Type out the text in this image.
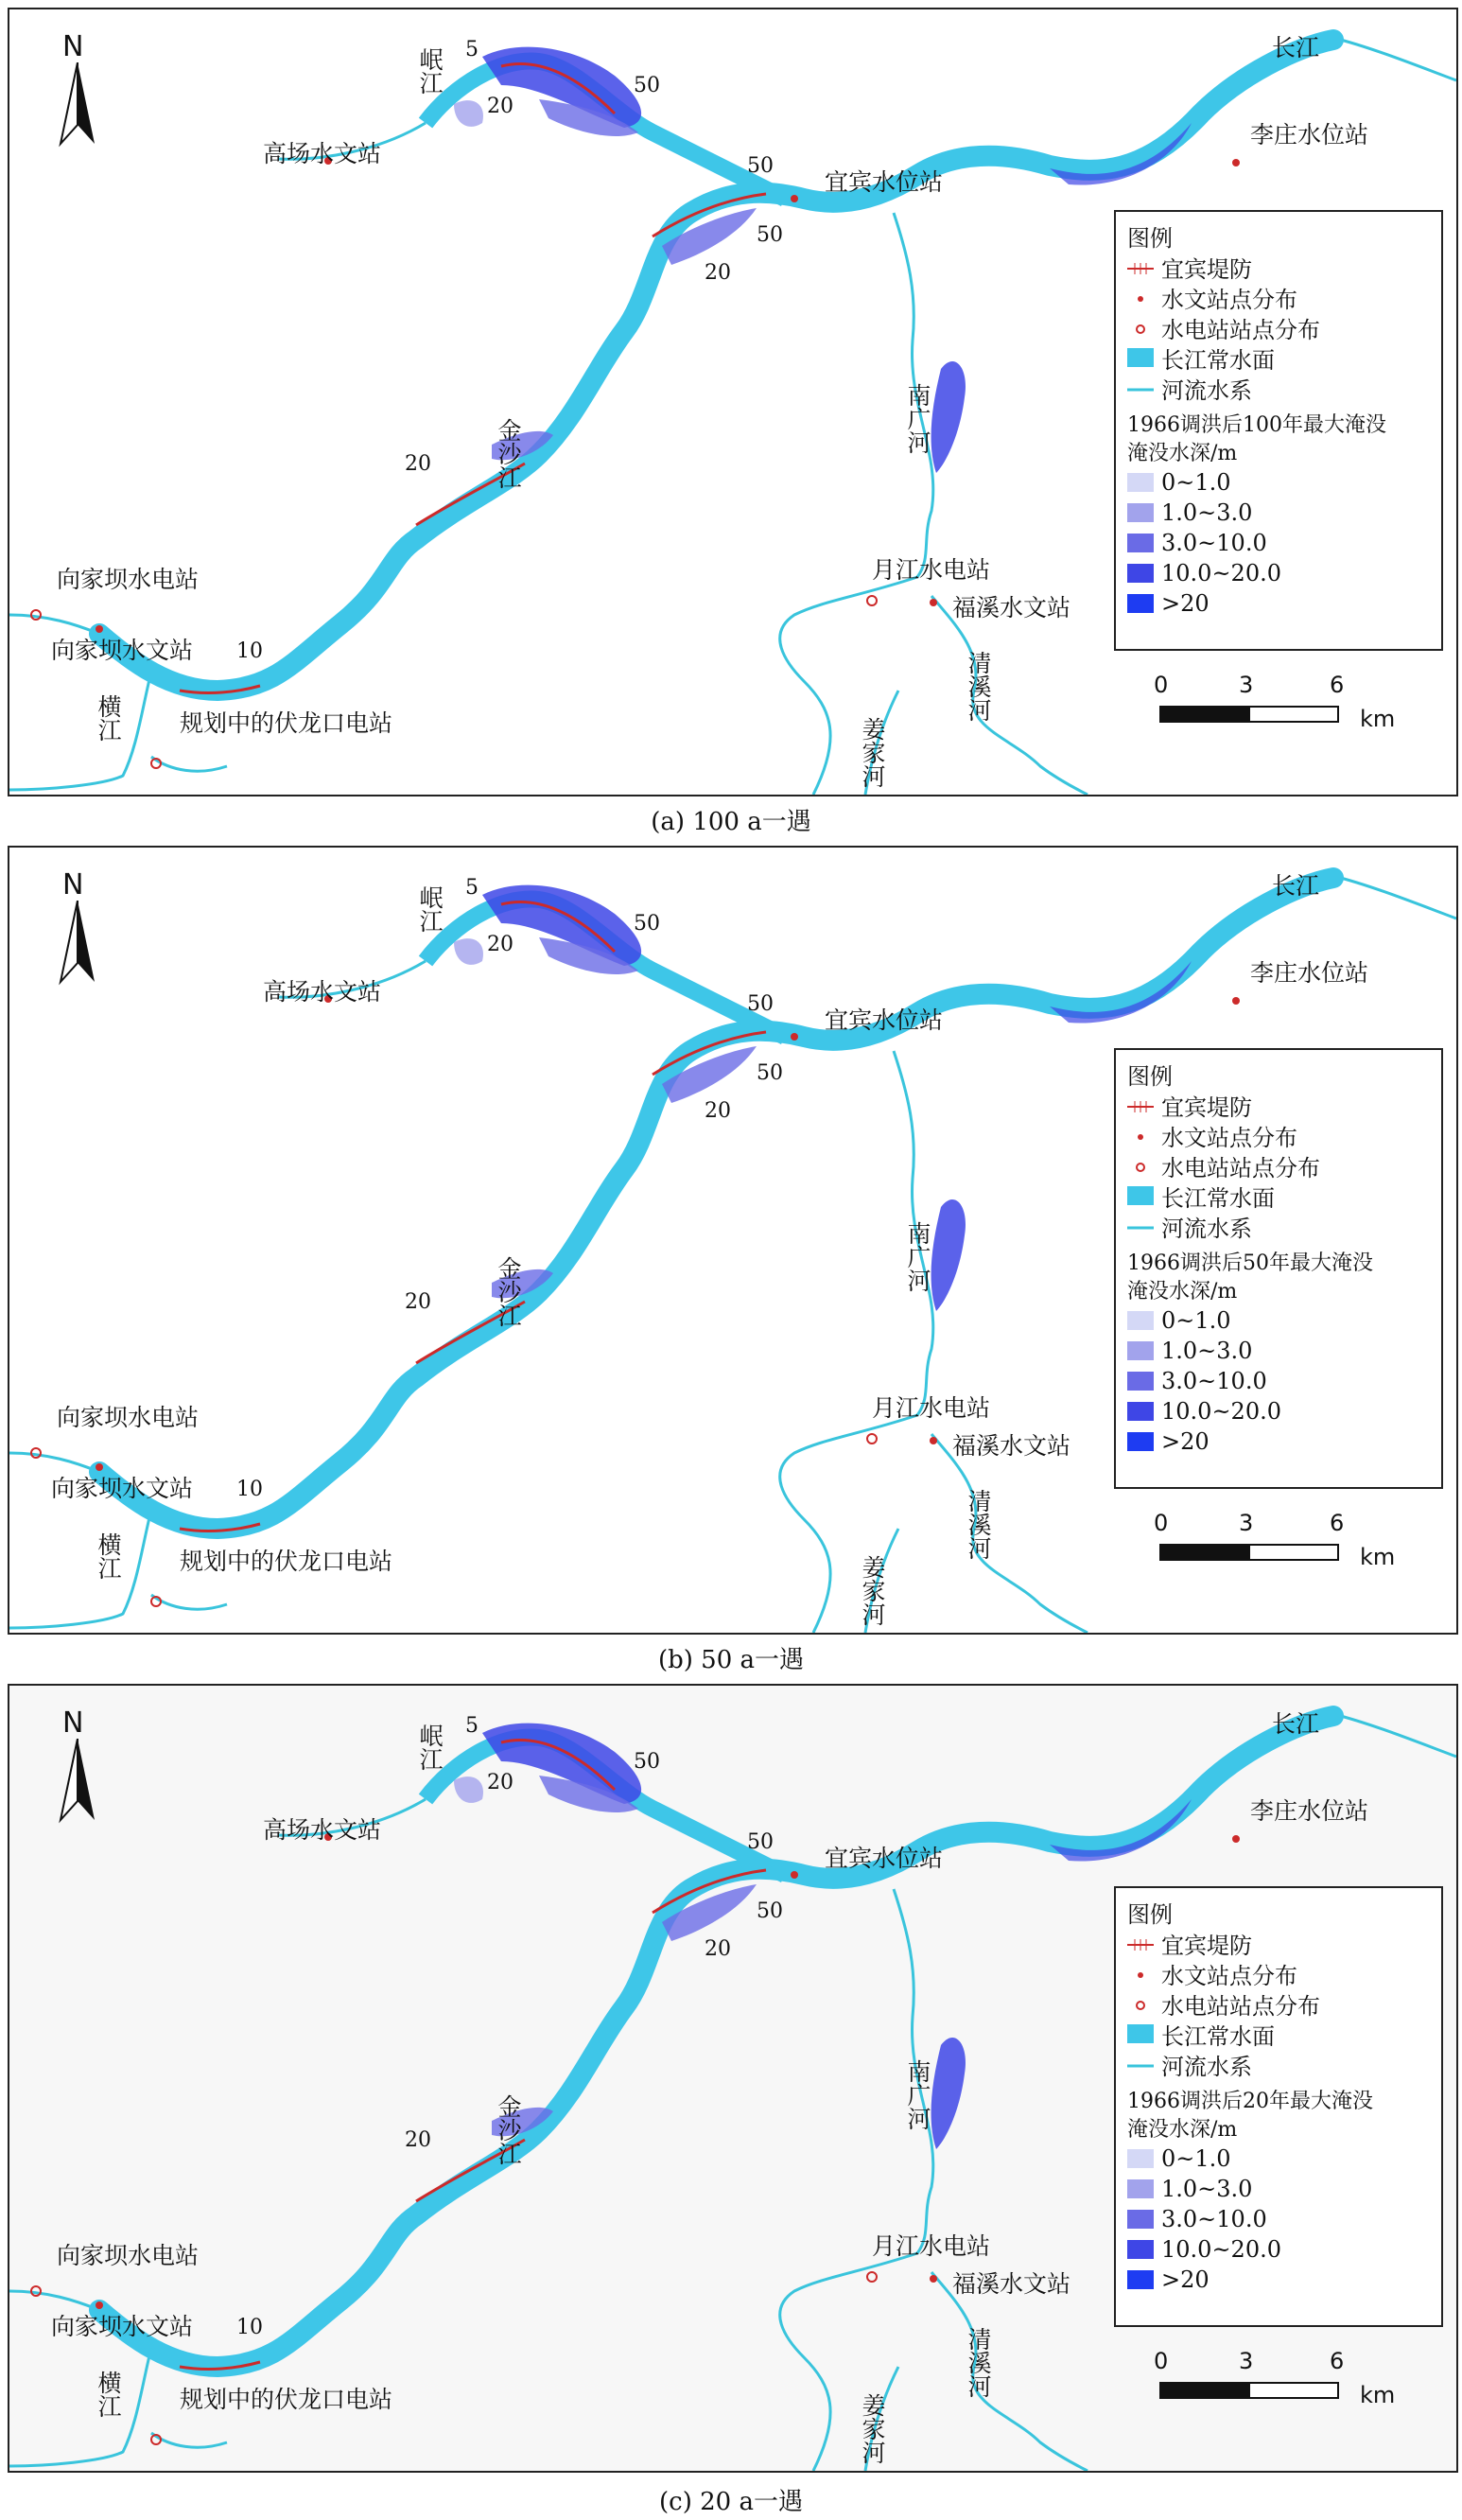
N
岷江
高场水文站
宜宾水位站
长江
李庄水位站
南广河
金沙江
向家坝水电站
向家坝水文站
横江 规划中的伏龙口电站
月江水电站
福溪水文站
清溪河
姜家河
5
50
20
50
50
20
20
10
图例
宜宾堤防
水文站点分布
水电站站点分布
长江常水面
河流水系
1966调洪后100年最大淹没
淹没水深/m
0~1.0
1.0~3.0
3.0~10.0
10.0~20.0
>20
0	3	6
km
(a) 100 a一遇
N
岷江
高场水文站
宜宾水位站
长江
李庄水位站
南广河
金沙江
向家坝水电站
向家坝水文站
横江 规划中的伏龙口电站
月江水电站
福溪水文站
清溪河
姜家河
5
50
20
50
50
20
20
10
图例
宜宾堤防
水文站点分布
水电站站点分布
长江常水面
河流水系
1966调洪后50年最大淹没
淹没水深/m
0~1.0
1.0~3.0
3.0~10.0
10.0~20.0
>20
0	3	6
km
(b) 50 a一遇
N
岷江
高场水文站
宜宾水位站
长江
李庄水位站
南广河
金沙江
向家坝水电站
向家坝水文站
横江 规划中的伏龙口电站
月江水电站
福溪水文站
清溪河
姜家河
5
50
20
50
50
20
20
10
图例
宜宾堤防
水文站点分布
水电站站点分布
长江常水面
河流水系
1966调洪后20年最大淹没
淹没水深/m
0~1.0
1.0~3.0
3.0~10.0
10.0~20.0
>20
0	3	6
km
(c) 20 a一遇
